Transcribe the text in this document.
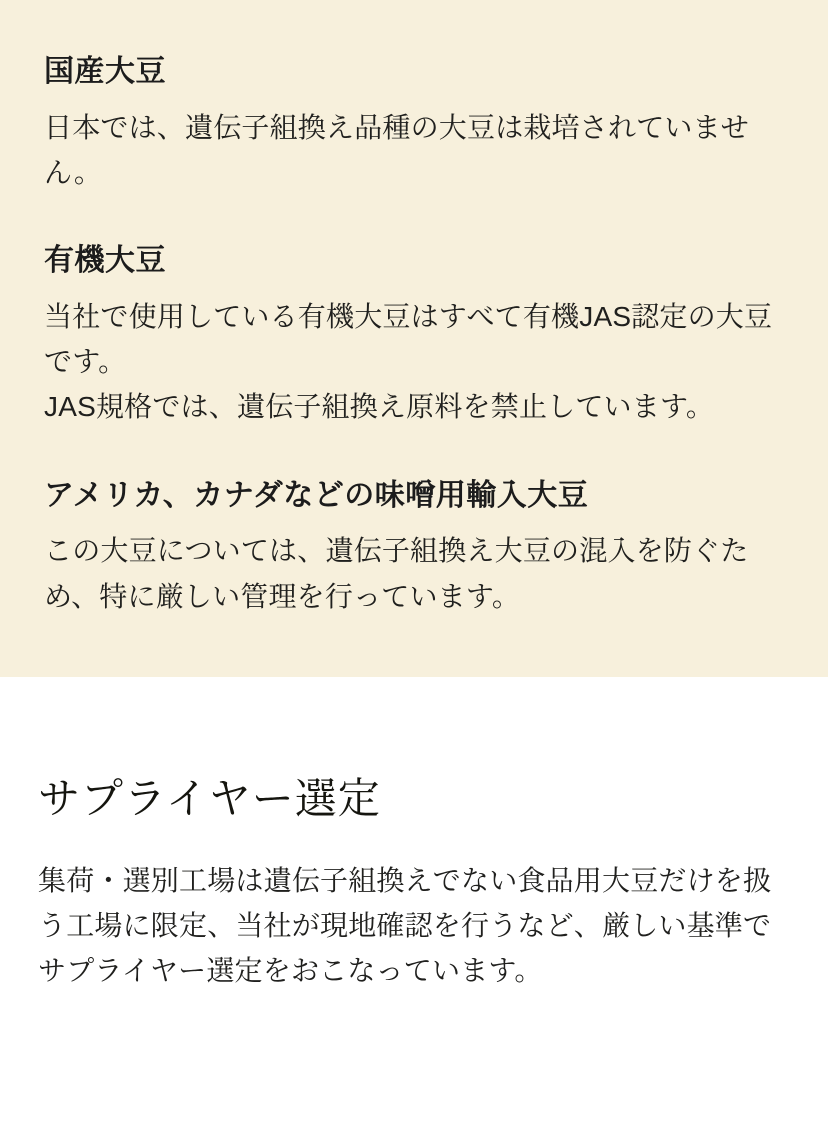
国産大豆

日本では、遺伝子組換え品種の大豆は栽培されていません。

有機大豆

当社で使用している有機大豆はすべて有機JAS認定の大豆です。
JAS規格では、遺伝子組換え原料を禁止しています。

アメリカ、カナダなどの味噌用輸入大豆

この大豆については、遺伝子組換え大豆の混入を防ぐため、特に厳しい管理を行っています。

サプライヤー選定

集荷・選別工場は遺伝子組換えでない食品用大豆だけを扱う工場に限定、当社が現地確認を行うなど、厳しい基準でサプライヤー選定をおこなっています。
